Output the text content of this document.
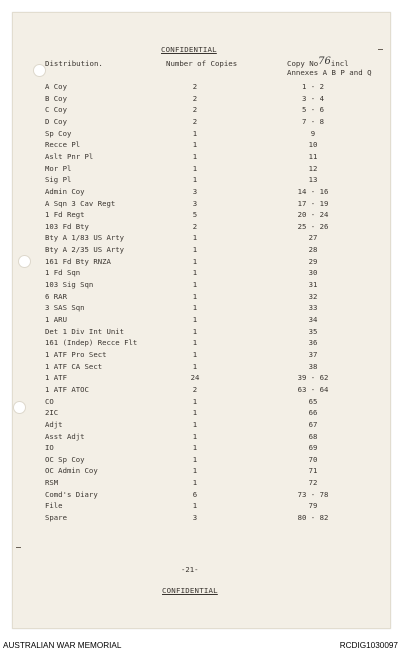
CONFIDENTIAL
Distribution.	Number of Copies	Copy No76incl
Annexes A B P and Q
A Coy	2	1 - 2
B Coy	2	3 - 4
C Coy	2	5 - 6
D Coy	2	7 - 8
Sp Coy	1	9
Recce Pl	1	10
Aslt Pnr Pl	1	11
Mor Pl	1	12
Sig Pl	1	13
Admin Coy	3	14 - 16
A Sqn 3 Cav Regt	3	17 - 19
1 Fd Regt	5	20 - 24
103 Fd Bty	2	25 - 26
Bty A 1/83 US Arty	1	27
Bty A 2/35 US Arty	1	28
161 Fd Bty RNZA	1	29
1 Fd Sqn	1	30
103 Sig Sqn	1	31
6 RAR	1	32
3 SAS Sqn	1	33
1 ARU	1	34
Det 1 Div Int Unit	1	35
161 (Indep) Recce Flt	1	36
1 ATF Pro Sect	1	37
1 ATF CA Sect	1	38
1 ATF	24	39 - 62
1 ATF ATOC	2	63 - 64
CO	1	65
2IC	1	66
Adjt	1	67
Asst Adjt	1	68
IO	1	69
OC Sp Coy	1	70
OC Admin Coy	1	71
RSM	1	72
Comd's Diary	6	73 - 78
File	1	79
Spare	3	80 - 82
-21-
CONFIDENTIAL
AUSTRALIAN WAR MEMORIAL	RCDIG1030097
